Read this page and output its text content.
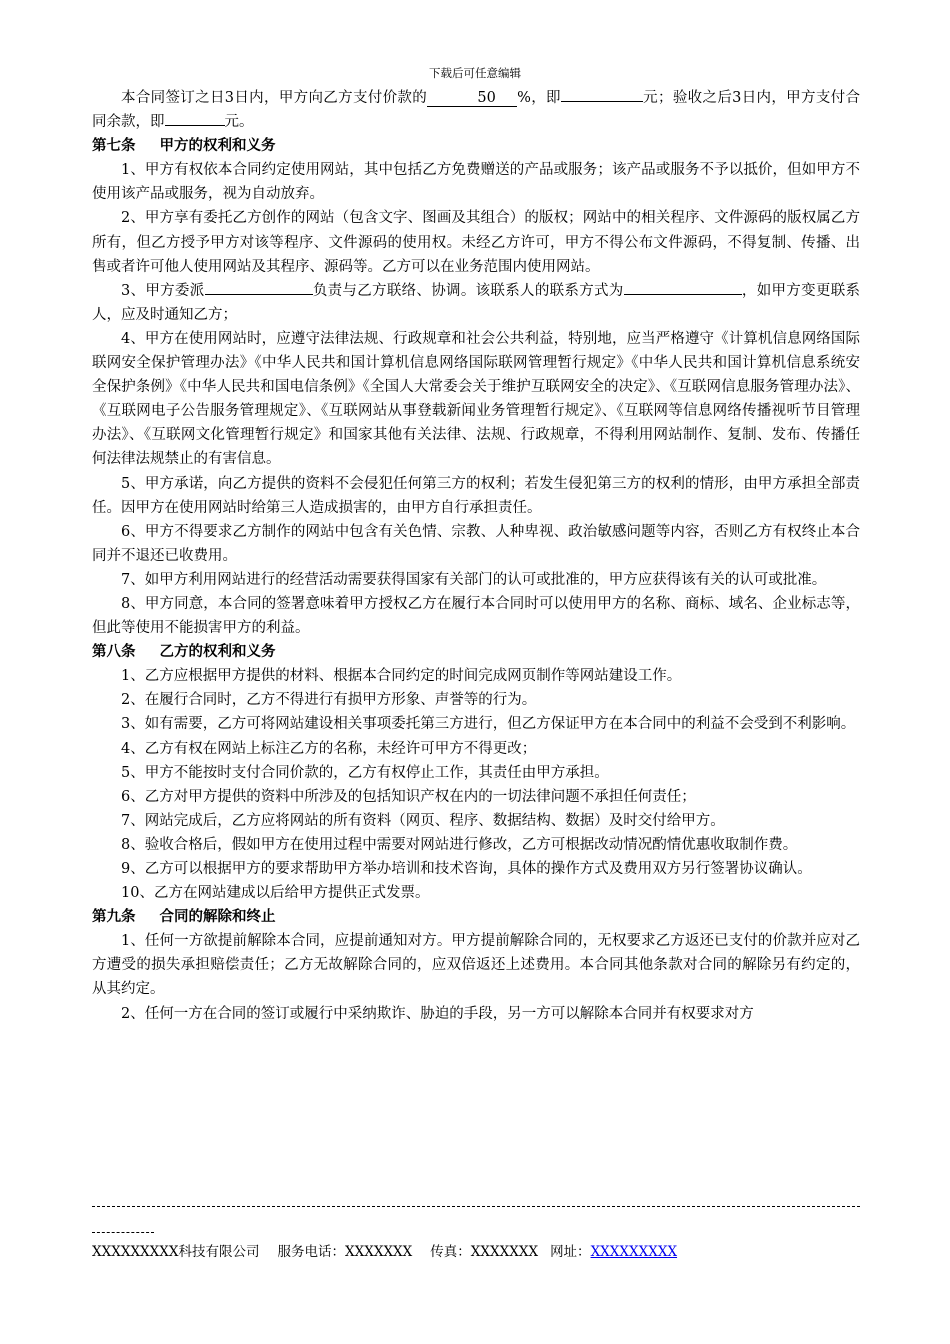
下载后可任意编辑

本合同签订之日3日内，甲方向乙方支付价款的	50 %，即	元；验收之后3日内，甲方支付合同余款，即	元。

第七条 甲方的权利和义务

1、甲方有权依本合同约定使用网站，其中包括乙方免费赠送的产品或服务；该产品或服务不予以抵价，但如甲方不使用该产品或服务，视为自动放弃。

2、甲方享有委托乙方创作的网站（包含文字、图画及其组合）的版权；网站中的相关程序、文件源码的版权属乙方所有，但乙方授予甲方对该等程序、文件源码的使用权。未经乙方许可，甲方不得公布文件源码，不得复制、传播、出售或者许可他人使用网站及其程序、源码等。乙方可以在业务范围内使用网站。

3、甲方委派	负责与乙方联络、协调。该联系人的联系方式为	，如甲方变更联系人，应及时通知乙方；

4、甲方在使用网站时，应遵守法律法规、行政规章和社会公共利益，特别地，应当严格遵守《计算机信息网络国际联网安全保护管理办法》《中华人民共和国计算机信息网络国际联网管理暂行规定》《中华人民共和国计算机信息系统安全保护条例》《中华人民共和国电信条例》《全国人大常委会关于维护互联网安全的决定》、《互联网信息服务管理办法》、《互联网电子公告服务管理规定》、《互联网站从事登载新闻业务管理暂行规定》、《互联网等信息网络传播视听节目管理办法》、《互联网文化管理暂行规定》和国家其他有关法律、法规、行政规章，不得利用网站制作、复制、发布、传播任何法律法规禁止的有害信息。

5、甲方承诺，向乙方提供的资料不会侵犯任何第三方的权利；若发生侵犯第三方的权利的情形，由甲方承担全部责任。因甲方在使用网站时给第三人造成损害的，由甲方自行承担责任。

6、甲方不得要求乙方制作的网站中包含有关色情、宗教、人种卑视、政治敏感问题等内容，否则乙方有权终止本合同并不退还已收费用。

7、如甲方利用网站进行的经营活动需要获得国家有关部门的认可或批准的，甲方应获得该有关的认可或批准。

8、甲方同意，本合同的签署意味着甲方授权乙方在履行本合同时可以使用甲方的名称、商标、域名、企业标志等，但此等使用不能损害甲方的利益。

第八条 乙方的权利和义务

1、乙方应根据甲方提供的材料、根据本合同约定的时间完成网页制作等网站建设工作。

2、在履行合同时，乙方不得进行有损甲方形象、声誉等的行为。

3、如有需要，乙方可将网站建设相关事项委托第三方进行，但乙方保证甲方在本合同中的利益不会受到不利影响。

4、乙方有权在网站上标注乙方的名称，未经许可甲方不得更改；

5、甲方不能按时支付合同价款的，乙方有权停止工作，其责任由甲方承担。

6、乙方对甲方提供的资料中所涉及的包括知识产权在内的一切法律问题不承担任何责任；

7、网站完成后，乙方应将网站的所有资料（网页、程序、数据结构、数据）及时交付给甲方。

8、验收合格后，假如甲方在使用过程中需要对网站进行修改，乙方可根据改动情况酌情优惠收取制作费。

9、乙方可以根据甲方的要求帮助甲方举办培训和技术咨询，具体的操作方式及费用双方另行签署协议确认。

10、乙方在网站建成以后给甲方提供正式发票。

第九条 合同的解除和终止

1、任何一方欲提前解除本合同，应提前通知对方。甲方提前解除合同的，无权要求乙方返还已支付的价款并应对乙方遭受的损失承担赔偿责任；乙方无故解除合同的，应双倍返还上述费用。本合同其他条款对合同的解除另有约定的，从其约定。

2、任何一方在合同的签订或履行中采纳欺诈、胁迫的手段，另一方可以解除本合同并有权要求对方

XXXXXXXXX科技有限公司 服务电话：XXXXXXX 传真：XXXXXXX 网址：XXXXXXXXX
